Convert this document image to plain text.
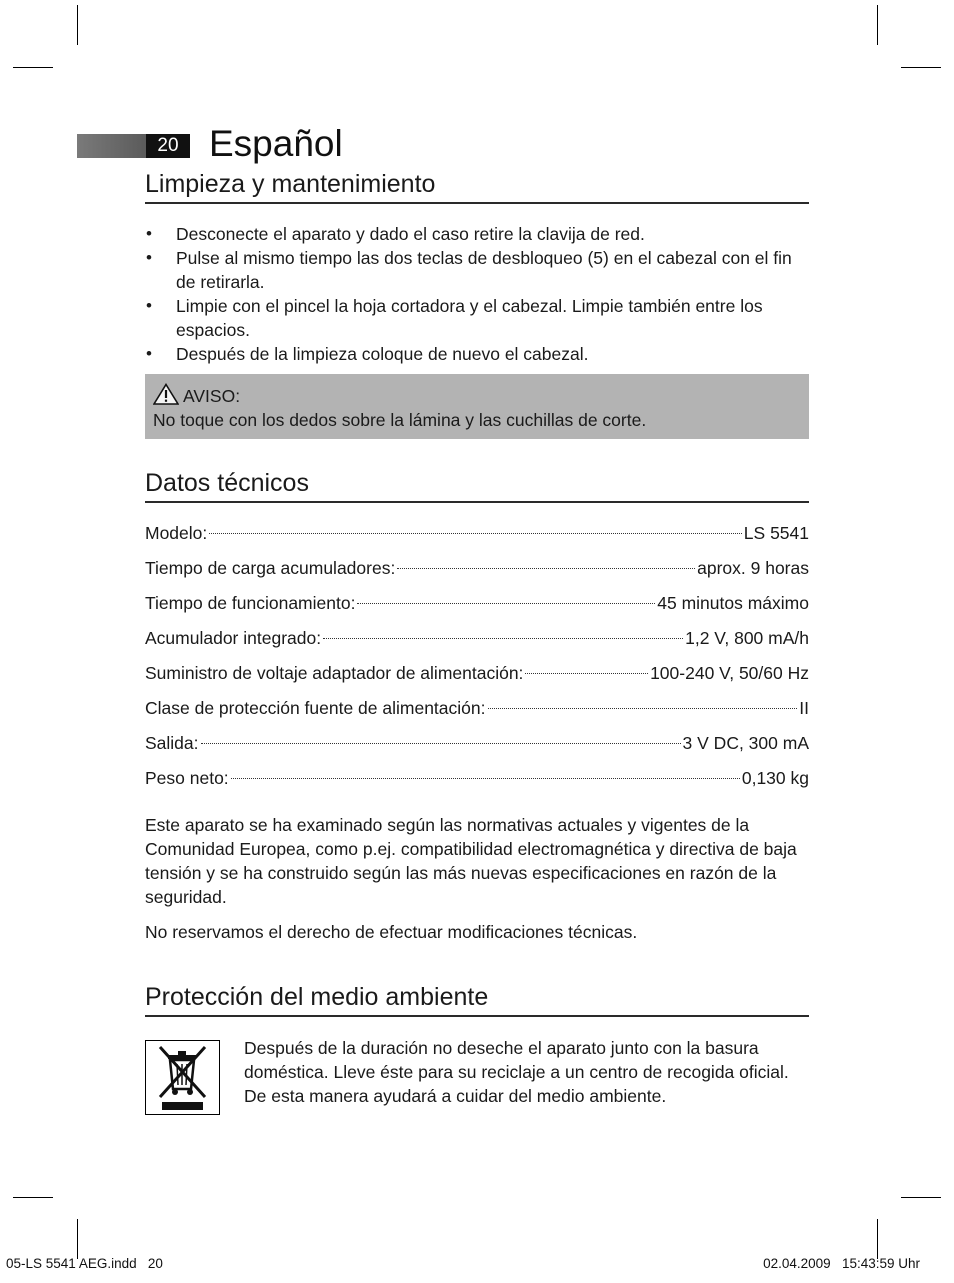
20 Español
Limpieza y mantenimiento
• Desconecte el aparato y dado el caso retire la clavija de red.
• Pulse al mismo tiempo las dos teclas de desbloqueo (5) en el cabezal con el fin de retirarla.
• Limpie con el pincel la hoja cortadora y el cabezal. Limpie también entre los espacios.
• Después de la limpieza coloque de nuevo el cabezal.
AVISO:
No toque con los dedos sobre la lámina y las cuchillas de corte.
Datos técnicos
Modelo:	LS 5541
Tiempo de carga acumuladores:	aprox. 9 horas
Tiempo de funcionamiento:	45 minutos máximo
Acumulador integrado:	1,2 V, 800 mA/h
Suministro de voltaje adaptador de alimentación:	100-240 V, 50/60 Hz
Clase de protección fuente de alimentación:	II
Salida:	3 V DC, 300 mA
Peso neto:	0,130 kg

Este aparato se ha examinado según las normativas actuales y vigentes de la Comunidad Europea, como p.ej. compatibilidad electromagnética y directiva de baja tensión y se ha construido según las más nuevas especificaciones en razón de la seguridad.

No reservamos el derecho de efectuar modificaciones técnicas.

Protección del medio ambiente

Después de la duración no deseche el aparato junto con la basura doméstica. Lleve éste para su reciclaje a un centro de recogida oficial. De esta manera ayudará a cuidar del medio ambiente.

05-LS 5541 AEG.indd   20	02.04.2009   15:43:59 Uhr
